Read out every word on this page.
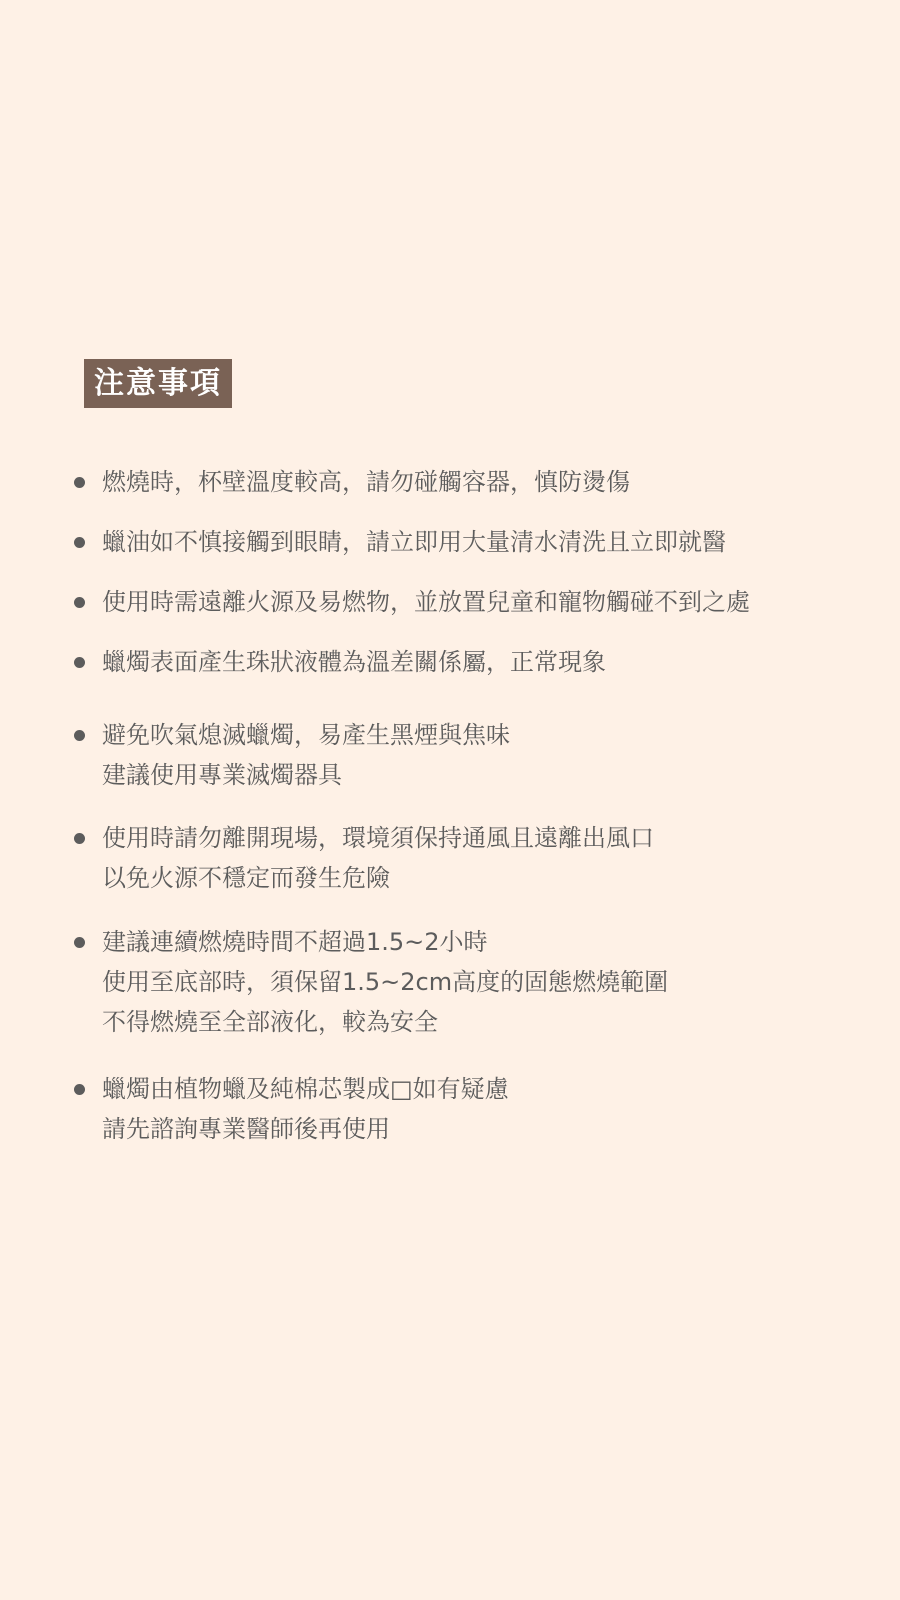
注意事項
燃燒時，杯壁溫度較高，請勿碰觸容器，慎防燙傷
蠟油如不慎接觸到眼睛，請立即用大量清水清洗且立即就醫
使用時需遠離火源及易燃物，並放置兒童和寵物觸碰不到之處
蠟燭表面產生珠狀液體為溫差關係屬，正常現象
避免吹氣熄滅蠟燭，易產生黑煙與焦味
建議使用專業滅燭器具
使用時請勿離開現場，環境須保持通風且遠離出風口
以免火源不穩定而發生危險
建議連續燃燒時間不超過1.5~2小時
使用至底部時，須保留1.5~2cm高度的固態燃燒範圍
不得燃燒至全部液化，較為安全
蠟燭由植物蠟及純棉芯製成□如有疑慮
請先諮詢專業醫師後再使用
